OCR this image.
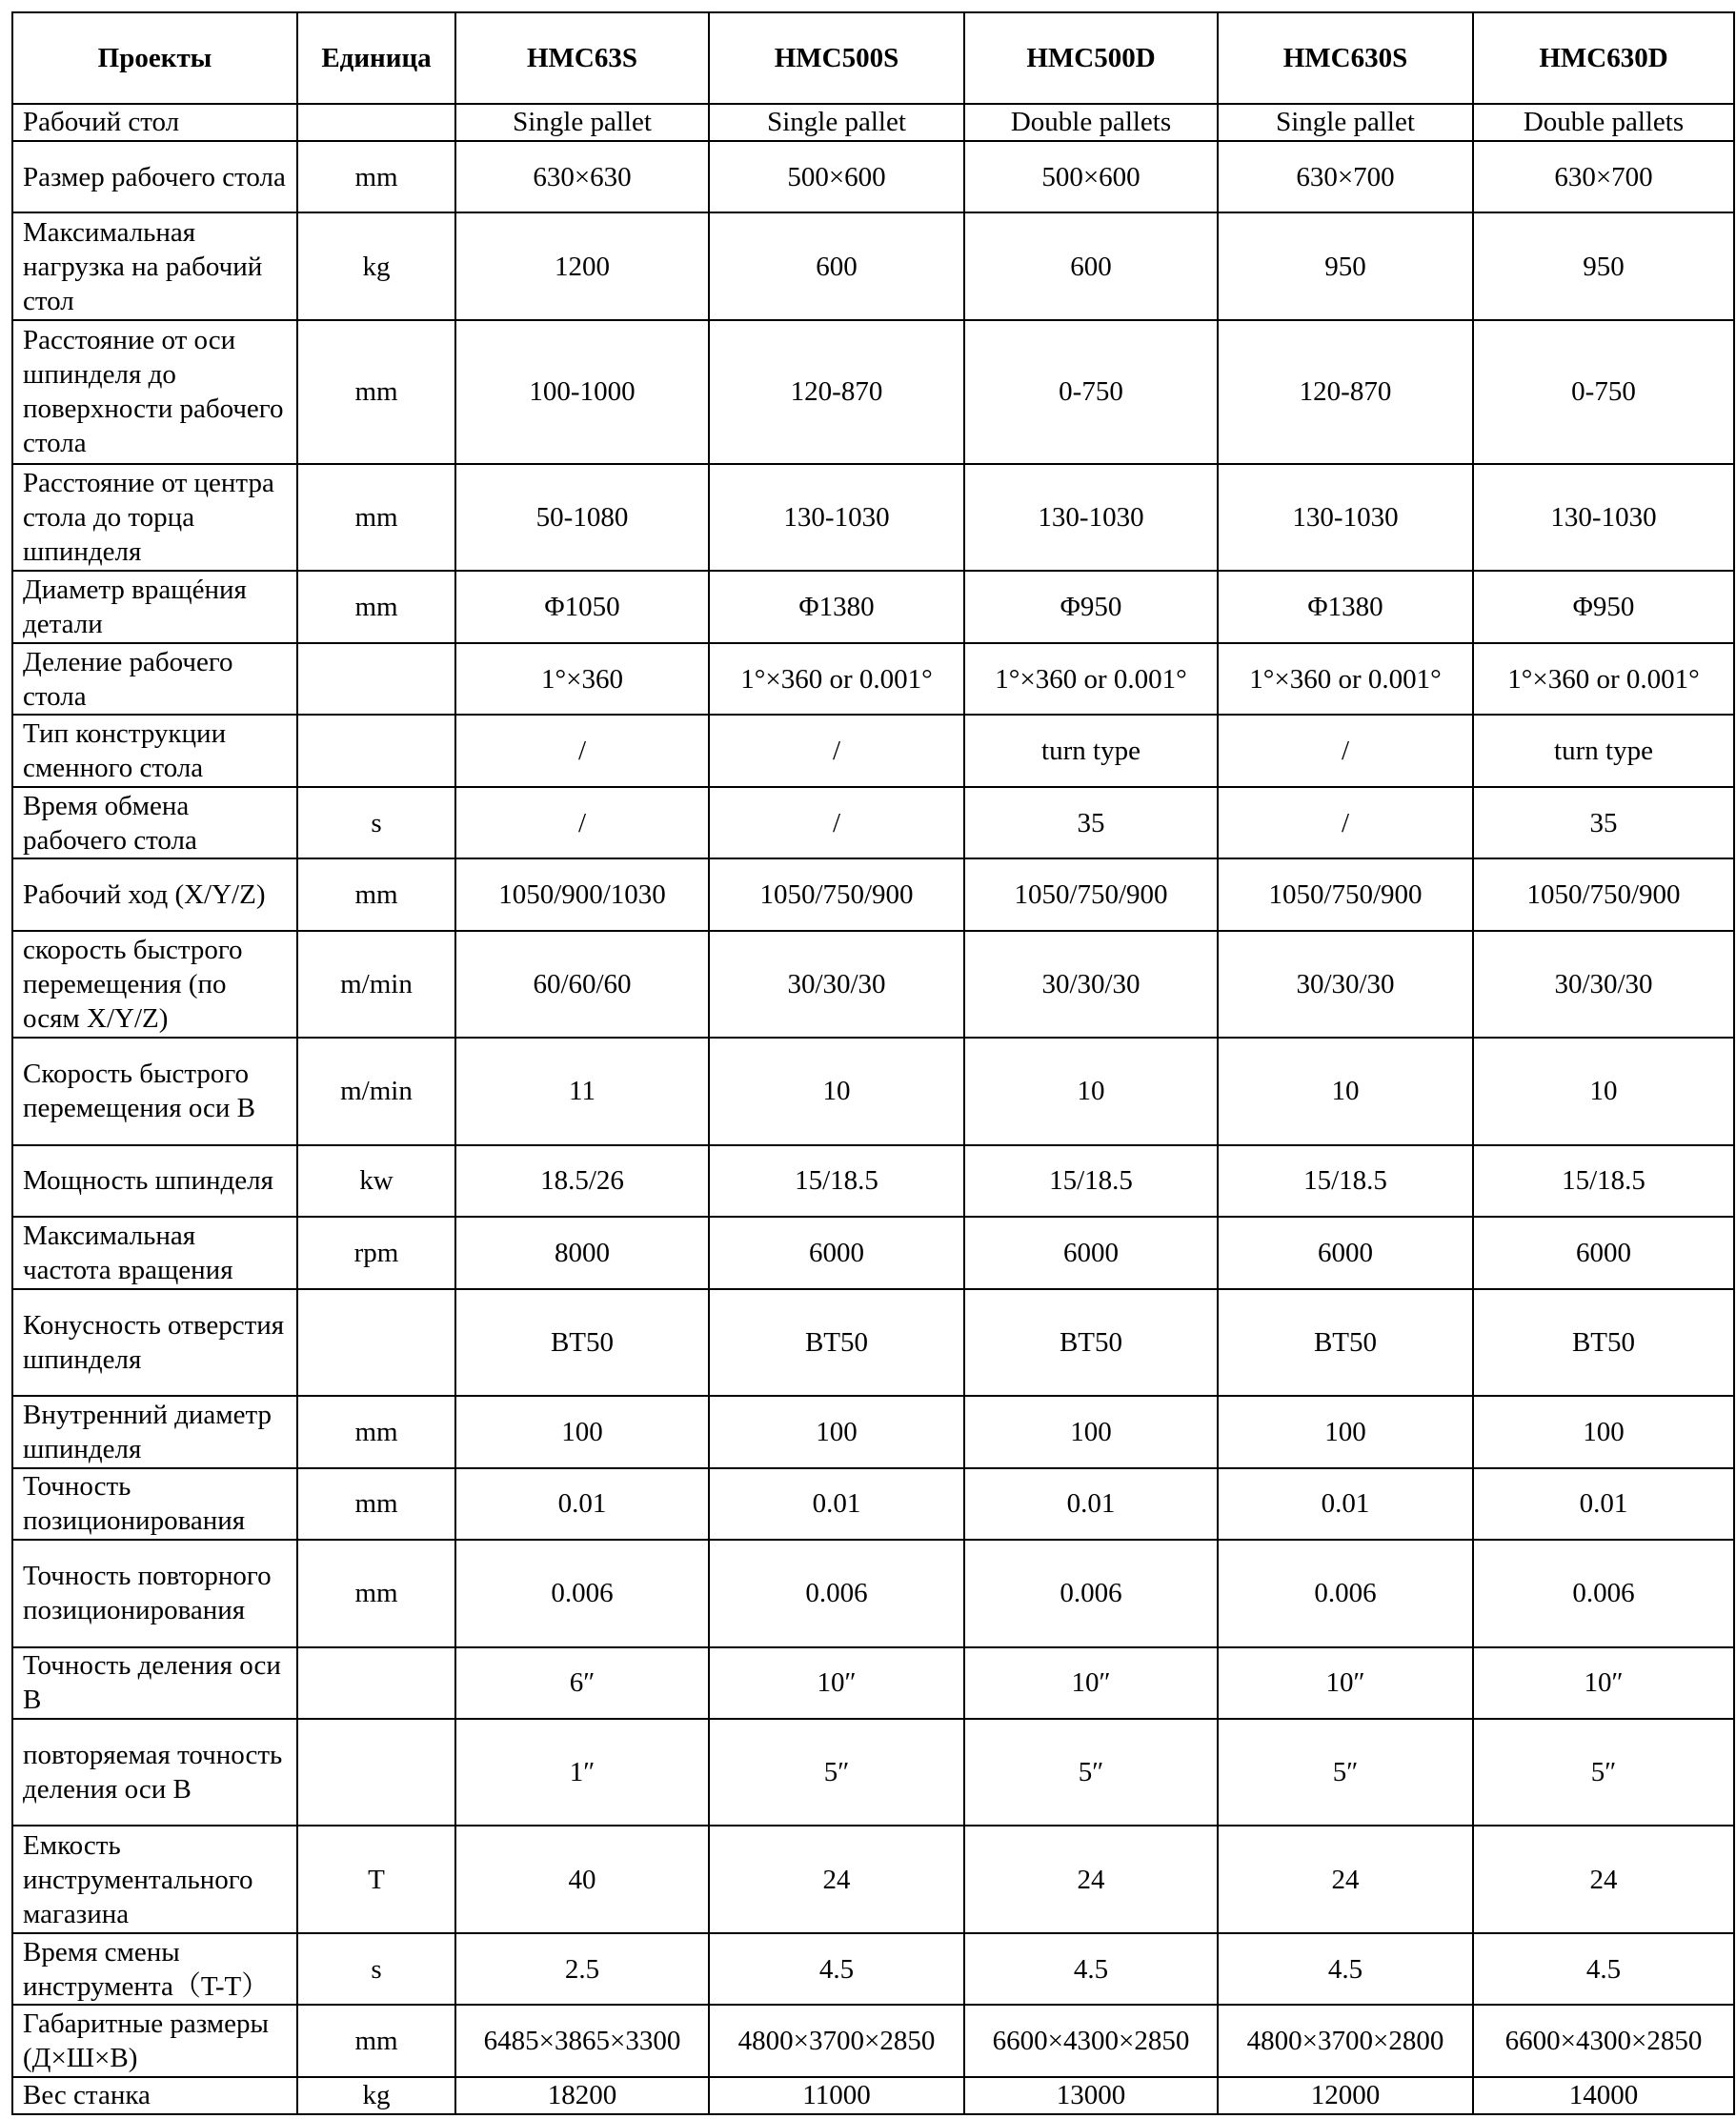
Проекты	Единица	HMC63S	HMC500S	HMC500D	HMC630S	HMC630D
Рабочий стол		Single pallet	Single pallet	Double pallets	Single pallet	Double pallets
Размер рабочего стола	mm	630×630	500×600	500×600	630×700	630×700
Максимальная нагрузка на рабочий стол	kg	1200	600	600	950	950
Расстояние от оси шпинделя до поверхности рабочего стола	mm	100-1000	120-870	0-750	120-870	0-750
Расстояние от центра стола до торца шпинделя	mm	50-1080	130-1030	130-1030	130-1030	130-1030
Диаметр вращéния детали	mm	Φ1050	Φ1380	Φ950	Φ1380	Φ950
Деление рабочего стола		1°×360	1°×360 or 0.001°	1°×360 or 0.001°	1°×360 or 0.001°	1°×360 or 0.001°
Тип конструкции сменного стола		/	/	turn type	/	turn type
Время обмена рабочего стола	s	/	/	35	/	35
Рабочий ход (X/Y/Z)	mm	1050/900/1030	1050/750/900	1050/750/900	1050/750/900	1050/750/900
скорость быстрого перемещения (по осям X/Y/Z)	m/min	60/60/60	30/30/30	30/30/30	30/30/30	30/30/30
Скорость быстрого перемещения оси B	m/min	11	10	10	10	10
Мощность шпинделя	kw	18.5/26	15/18.5	15/18.5	15/18.5	15/18.5
Максимальная частота вращения	rpm	8000	6000	6000	6000	6000
Конусность отверстия шпинделя		BT50	BT50	BT50	BT50	BT50
Внутренний диаметр шпинделя	mm	100	100	100	100	100
Точность позиционирования	mm	0.01	0.01	0.01	0.01	0.01
Точность повторного позиционирования	mm	0.006	0.006	0.006	0.006	0.006
Точность деления оси B		6″	10″	10″	10″	10″
повторяемая точность деления оси B		1″	5″	5″	5″	5″
Емкость инструментального магазина	T	40	24	24	24	24
Время смены инструмента（T-T）	s	2.5	4.5	4.5	4.5	4.5
Габаритные размеры (Д×Ш×В)	mm	6485×3865×3300	4800×3700×2850	6600×4300×2850	4800×3700×2800	6600×4300×2850
Вес станка	kg	18200	11000	13000	12000	14000
